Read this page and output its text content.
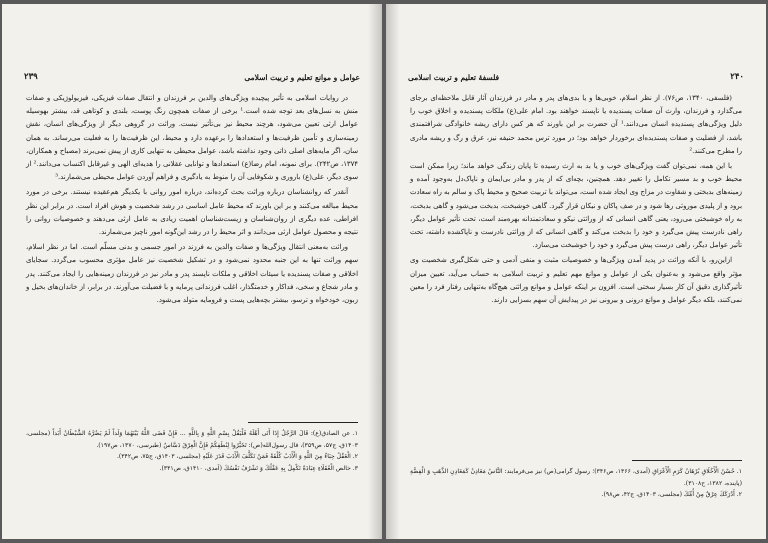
عوامل و موانع تعلیم و تربیت اسلامی
۲۳۹

در روایات اسلامی به تأثیر پیچیده ویژگی‌های والدین بر فرزندان و انتقال صفات فیزیکی، فیزیولوژیکی و صفات منش به نسل‌های بعد توجه شده است.¹ برخی از صفات همچون رنگ پوست، بلندی و کوتاهی قد، بیشتر بهوسیله عوامل ارثی تعیین می‌شود، هرچند محیط نیز بی‌تأثیر نیست. وراثت در گروهی دیگر از ویژگی‌های انسان، نقش زمینه‌سازی و تأمین ظرفیت‌ها و استعدادها را برعهده دارد و محیط، این ظرفیت‌ها را به فعلیت می‌رساند. به همان سان، اگر مایه‌های اصلی ذاتی وجود نداشته باشد، عوامل محیطی به تنهایی کاری از پیش نمی‌برند (مصباح و همکاران، ۱۳۷۴، ص۲۴۲). برای نمونه، امام رضا(ع) استعدادها و توانایی عقلانی را هدیه‌ای الهی و غیرقابل اکتساب می‌دانند.² از سوی دیگر، علی(ع) باروری و شکوفایی آن را منوط به یادگیری و فراهم آوردن عوامل محیطی می‌شمارند.³

آنقدر که روانشناسان درباره وراثت بحث کرده‌اند، درباره امور روانی با یکدیگر هم‌عقیده نیستند. برخی در مورد محیط مبالغه می‌کنند و بر این باورند که محیط عامل اساسی در رشد شخصیت و هوش افراد است. در برابر این نظر افراطی، عده دیگری از روان‌شناسان و زیست‌شناسان اهمیت زیادی به عامل ارثی می‌دهند و خصوصیات روانی را نتیجه و محصول عوامل ارثی می‌دانند و اثر محیط را در رشد این‌گونه امور ناچیز می‌شمارند.

وراثت به‌معنی انتقال ویژگی‌ها و صفات والدین به فرزند در امور جسمی و بدنی مسلّم است. اما در نظر اسلام، سهم وراثت تنها به این جنبه محدود نمی‌شود و در تشکیل شخصیت نیز عامل مؤثری محسوب می‌گردد. سجایای اخلاقی و صفات پسندیده یا سیئات اخلاقی و ملکات ناپسند پدر و مادر نیز در فرزندان زمینه‌هایی را ایجاد می‌کنند. پدر و مادر شجاع و سخی، فداکار و خدمتگذار، اغلب فرزندانی پرمایه و با فضیلت می‌آورند. در برابر، از خاندان‌های بخیل و زبون، خودخواه و ترسو، بیشتر بچه‌هایی پست و فرومایه متولد می‌شود.

۱. عن الصادق(ع): قَالَ الرَّجُلُ إِذَا أَتَى أَهْلَهُ فَلْيَقُلْ بِسْمِ اللَّهِ وَ بِاللَّهِ ... فَإِنْ قَضَى اللَّهُ بَيْنَهُمَا وَلَداً لَمْ يَضُرَّهُ الشَّيْطَانُ أَبَداً (مجلسی، ۱۴۰۳ق، ج۵۷، ص۳۵۹)، قال رسول‌الله(ص): تَخَيَّرُوا لِنُطَفِكُمْ فَإِنَّ الْعِرْقَ دَسَّاسٌ (طبرسی، ۱۳۷۰، ص۱۹۷).
۲. الْعَقْلُ حِبَاءٌ مِنَ اللَّهِ وَ الْأَدَبُ كُلْفَةٌ فَمَنْ تَكَلَّفَ الْأَدَبَ قَدَرَ عَلَيْهِ (مجلسی، ۱۴۰۳ق، ج۷۵، ص۳۴۲).
۳. خالص الْعُقَلَاءِ عِبَادَةٌ تَكْمِلُ بِهِ عَقْلُكَ وَ تَشْرُفُ نَفْسُكَ (آمدی، ۱۴۱۰ق، ص۳۴۱).
۲۴۰
فلسفهٔ تعلیم و تربیت اسلامی

(فلسفی، ۱۳۴۰، ص۷۶). از نظر اسلام، خوبی‌ها و یا بدی‌های پدر و مادر در فرزندان آثار قابل ملاحظه‌ای برجای می‌گذارد و فرزندان، وارث آن صفات پسندیده یا ناپسند خواهند بود. امام علی(ع) ملکات پسندیده و اخلاق خوب را دلیل ویژگی‌های پسندیده انسان می‌دانند.¹ آن حضرت بر این باورند که هر کس دارای ریشه خانوادگی شرافتمندی باشد، از فضلیت و صفات پسندیده‌ای برخوردار خواهد بود؛ در مورد ترس محمد حنیفه نیز، عرق و رگ و ریشه مادری را مطرح می‌کنند.²

با این همه، نمی‌توان گفت ویژگی‌های خوب و یا بد به ارث رسیده تا پایان زندگی خواهد ماند؛ زیرا ممکن است محیط خوب و بد مسیر تکامل را تغییر دهد. همچنین، بچه‌ای که از پدر و مادر بی‌ایمان و ناپاک‌دل به‌وجود آمده و زمینه‌های بدبختی و شقاوت در مزاج وی ایجاد شده است، می‌تواند با تربیت صحیح و محیط پاک و سالم به راه سعادت برود و از پلیدی موروثی رها شود و در صف پاکان و نیکان قرار گیرد. گاهی خوشبخت، بدبخت می‌شود و گاهی بدبخت، به راه خوشبختی می‌رود، یعنی گاهی انسانی که از وراثتی نیکو و سعادتمندانه بهره‌مند است، تحت تأثیر عوامل دیگر، راهی نادرست پیش می‌گیرد و خود را بدبخت می‌کند و گاهی انسانی که از وراثتی نادرست و ناپاکشده داشته، تحت تأثیر عوامل دیگر، راهی درست پیش می‌گیرد و خود را خوشبخت می‌سازد.

ازاین‌رو، با آنکه وراثت در پدید آمدن ویژگی‌ها و خصوصیات مثبت و منفی آدمی و حتی شکل‌گیری شخصیت وی مؤثر واقع می‌شود و به‌عنوان یکی از عوامل و موانع مهم تعلیم و تربیت اسلامی به حساب می‌آید، تعیین میزان تأثیرگذاری دقیق آن کار بسیار سختی است. افزون بر اینکه عوامل و موانع وراثتی هیچ‌گاه به‌تنهایی رفتار فرد را معین نمی‌کنند، بلکه دیگر عوامل و موانع درونی و بیرونی نیز در پیدایش آن سهم بسزایی دارند.

۱. حُسْنُ الْأَخْلَاقِ بُرْهَانُ كَرَمِ الْأَعْرَاقِ (آمدی، ۱۳۶۶، ص۳۴۶)؛ رسول گرامی(ص) نیز می‌فرمایند: النَّاسُ مَعَادِنُ كَمَعَادِنِ الذَّهَبِ وَ الْفِضَّةِ (پاینده، ۱۳۸۲، ح۳۱۰۸).
۲. أَدْرَكَكَ عِرْقٌ مِنْ أُمِّكَ (مجلسی، ۱۴۰۳ق، ج۴۲، ص۹۸).
